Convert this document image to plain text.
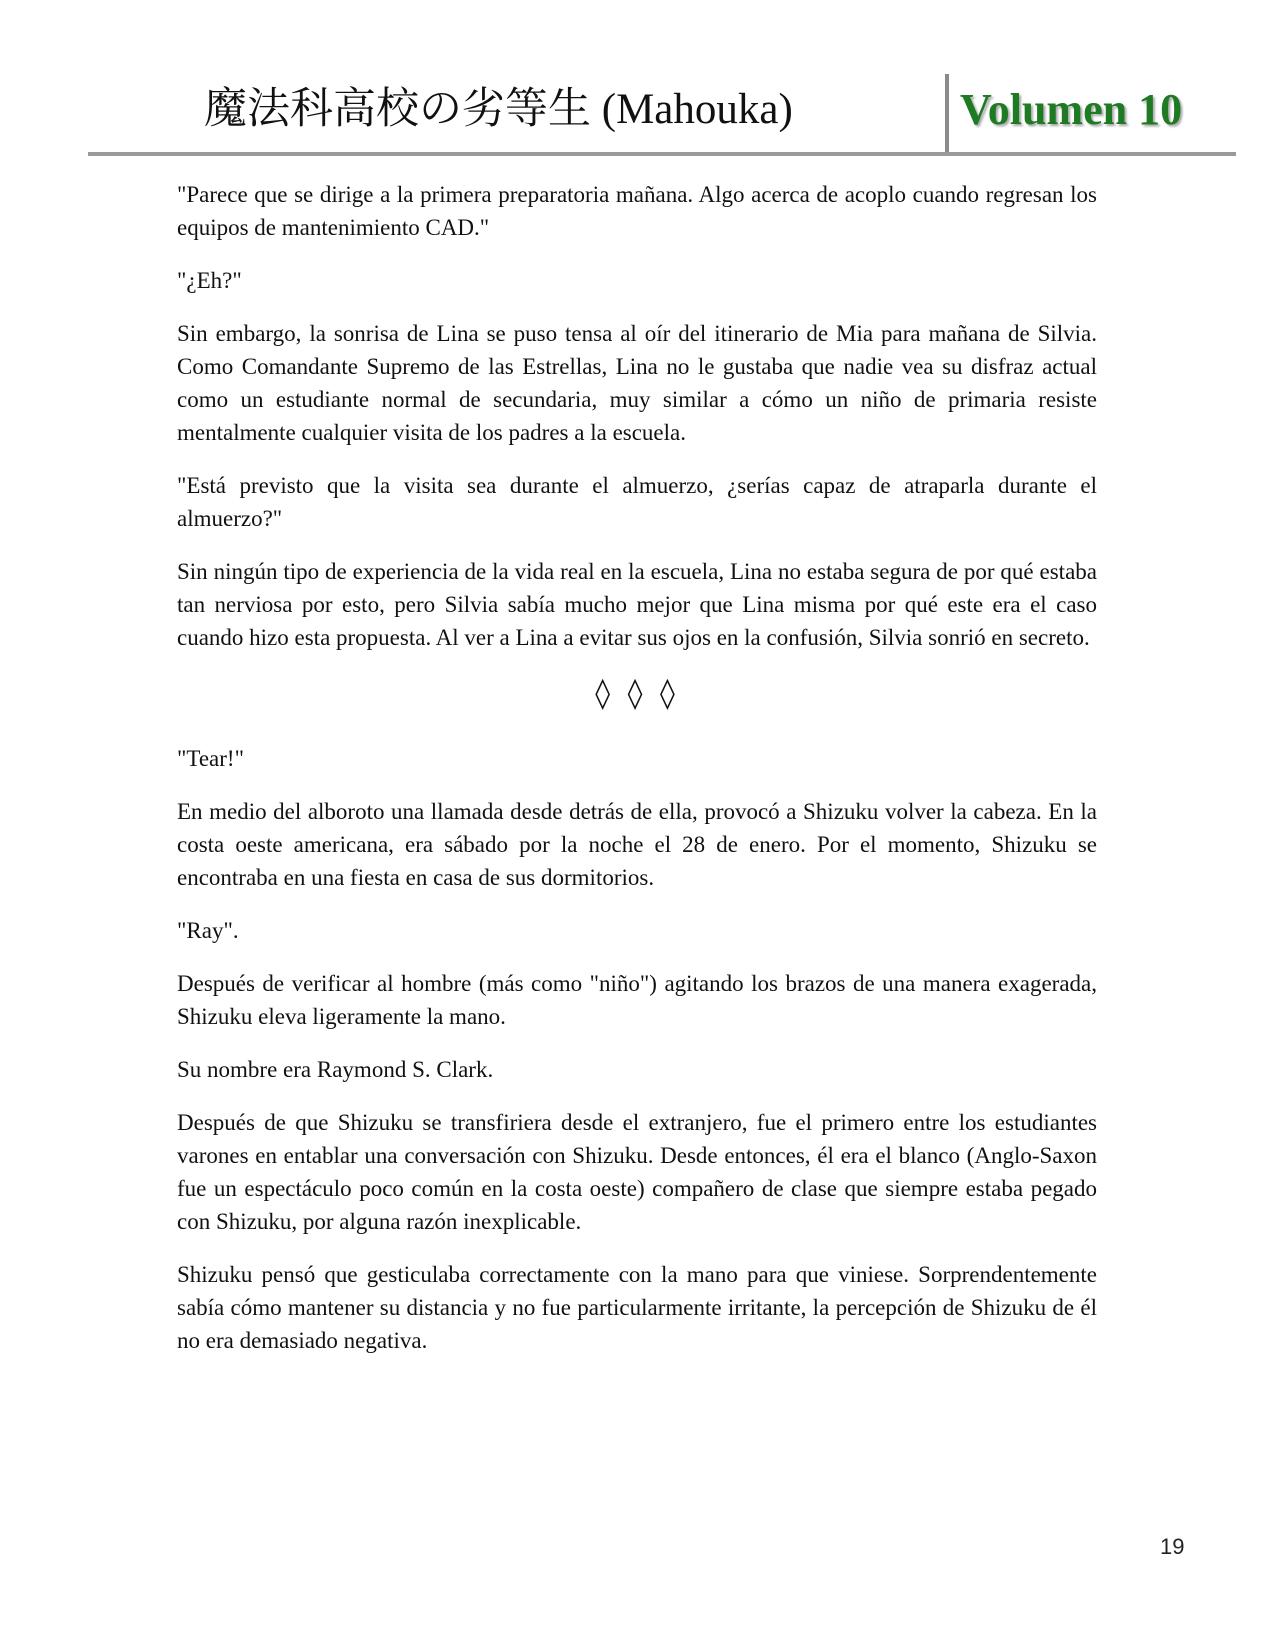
魔法科高校の劣等生 (Mahouka)	Volumen 10

"Parece que se dirige a la primera preparatoria mañana. Algo acerca de acoplo cuando regresan los equipos de mantenimiento CAD."

"¿Eh?"

Sin embargo, la sonrisa de Lina se puso tensa al oír del itinerario de Mia para mañana de Silvia. Como Comandante Supremo de las Estrellas, Lina no le gustaba que nadie vea su disfraz actual como un estudiante normal de secundaria, muy similar a cómo un niño de primaria resiste mentalmente cualquier visita de los padres a la escuela.

"Está previsto que la visita sea durante el almuerzo, ¿serías capaz de atraparla durante el almuerzo?"

Sin ningún tipo de experiencia de la vida real en la escuela, Lina no estaba segura de por qué estaba tan nerviosa por esto, pero Silvia sabía mucho mejor que Lina misma por qué este era el caso cuando hizo esta propuesta. Al ver a Lina a evitar sus ojos en la confusión, Silvia sonrió en secreto.

◊ ◊ ◊

"Tear!"

En medio del alboroto una llamada desde detrás de ella, provocó a Shizuku volver la cabeza. En la costa oeste americana, era sábado por la noche el 28 de enero. Por el momento, Shizuku se encontraba en una fiesta en casa de sus dormitorios.

"Ray".

Después de verificar al hombre (más como "niño") agitando los brazos de una manera exagerada, Shizuku eleva ligeramente la mano.

Su nombre era Raymond S. Clark.

Después de que Shizuku se transfiriera desde el extranjero, fue el primero entre los estudiantes varones en entablar una conversación con Shizuku. Desde entonces, él era el blanco (Anglo-Saxon fue un espectáculo poco común en la costa oeste) compañero de clase que siempre estaba pegado con Shizuku, por alguna razón inexplicable.

Shizuku pensó que gesticulaba correctamente con la mano para que viniese. Sorprendentemente sabía cómo mantener su distancia y no fue particularmente irritante, la percepción de Shizuku de él no era demasiado negativa.

19
